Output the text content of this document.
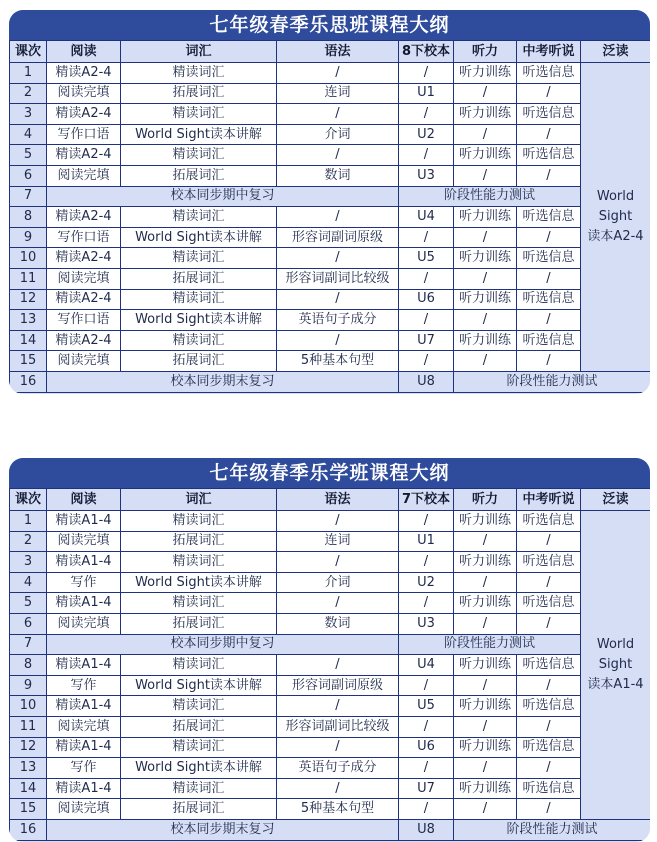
七年级春季乐思班课程大纲
课次	阅读	词汇	语法	8下校本	听力	中考听说	泛读
1	精读A2-4	精读词汇	/	/	听力训练	听选信息	World
Sight
读本A2-4

2	阅读完填	拓展词汇	连词	U1	/	/	
3	精读A2-4	精读词汇	/	/	听力训练	听选信息	
4	写作口语	World Sight读本讲解	介词	U2	/	/	
5	精读A2-4	精读词汇	/	/	听力训练	听选信息	
6	阅读完填	拓展词汇	数词	U3	/	/	
7	校本同步期中复习			阶段性能力测试			
8	精读A2-4	精读词汇	/	U4	听力训练	听选信息	
9	写作口语	World Sight读本讲解	形容词副词原级	/	/	/	
10	精读A2-4	精读词汇	/	U5	听力训练	听选信息	
11	阅读完填	拓展词汇	形容词副词比较级	/	/	/	
12	精读A2-4	精读词汇	/	U6	听力训练	听选信息	
13	写作口语	World Sight读本讲解	英语句子成分	/	/	/	
14	精读A2-4	精读词汇	/	U7	听力训练	听选信息	
15	阅读完填	拓展词汇	5种基本句型	/	/	/	
16	校本同步期末复习			U8	阶段性能力测试		
七年级春季乐学班课程大纲
课次	阅读	词汇	语法	7下校本	听力	中考听说	泛读
1	精读A1-4	精读词汇	/	/	听力训练	听选信息	World
Sight
读本A1-4

2	阅读完填	拓展词汇	连词	U1	/	/	
3	精读A1-4	精读词汇	/	/	听力训练	听选信息	
4	写作	World Sight读本讲解	介词	U2	/	/	
5	精读A1-4	精读词汇	/	/	听力训练	听选信息	
6	阅读完填	拓展词汇	数词	U3	/	/	
7	校本同步期中复习			阶段性能力测试			
8	精读A1-4	精读词汇	/	U4	听力训练	听选信息	
9	写作	World Sight读本讲解	形容词副词原级	/	/	/	
10	精读A1-4	精读词汇	/	U5	听力训练	听选信息	
11	阅读完填	拓展词汇	形容词副词比较级	/	/	/	
12	精读A1-4	精读词汇	/	U6	听力训练	听选信息	
13	写作	World Sight读本讲解	英语句子成分	/	/	/	
14	精读A1-4	精读词汇	/	U7	听力训练	听选信息	
15	阅读完填	拓展词汇	5种基本句型	/	/	/	
16	校本同步期末复习			U8	阶段性能力测试		
